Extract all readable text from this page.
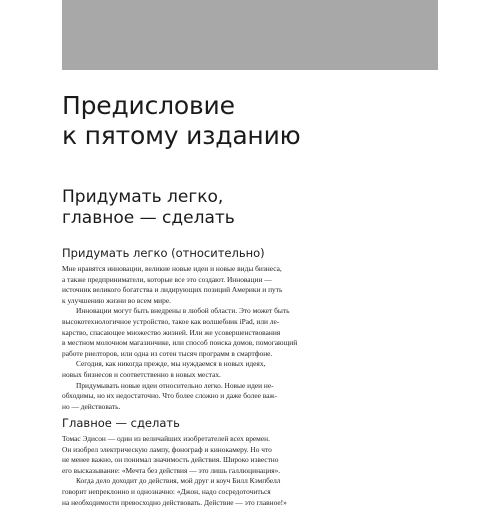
Предисловие
к пятому изданию
Придумать легко,
главное — сделать
Придумать легко (относительно)

Мне нравятся инновации, великие новые идеи и новые виды бизнеса,
а также предприниматели, которые все это создают. Инновации —
источник великого богатства и лидирующих позиций Америки и путь
к улучшению жизни во всем мире.

Инновации могут быть внедрены в любой области. Это может быть
высокотехнологичное устройство, такое как волшебник iPad, или ле-
карство, спасающее множество жизней. Или же усовершенствования
в местном молочном магазинчике, или способ поиска домов, помогающий
работе риелторов, или одна из сотен тысяч программ в смартфоне.

Сегодня, как никогда прежде, мы нуждаемся в новых идеях,
новых бизнесов и соответственно в новых местах.

Придумывать новые идеи относительно легко. Новые идеи не-
обходимы, но их недостаточно. Что более сложно и даже более важ-
но — действовать.

Главное — сделать

Томас Эдисон — один из величайших изобретателей всех времен.
Он изобрел электрическую лампу, фонограф и кинокамеру. Но что
не менее важно, он понимал значимость действия. Широко известно
его высказывание: «Мечта без действия — это лишь галлюцинация».

Когда дело доходит до действия, мой друг и коуч Билл Кэмпбелл
говорит непреклонно и однозначно: «Джон, надо сосредоточиться
на необходимости превосходно действовать. Действие — это главное!»
